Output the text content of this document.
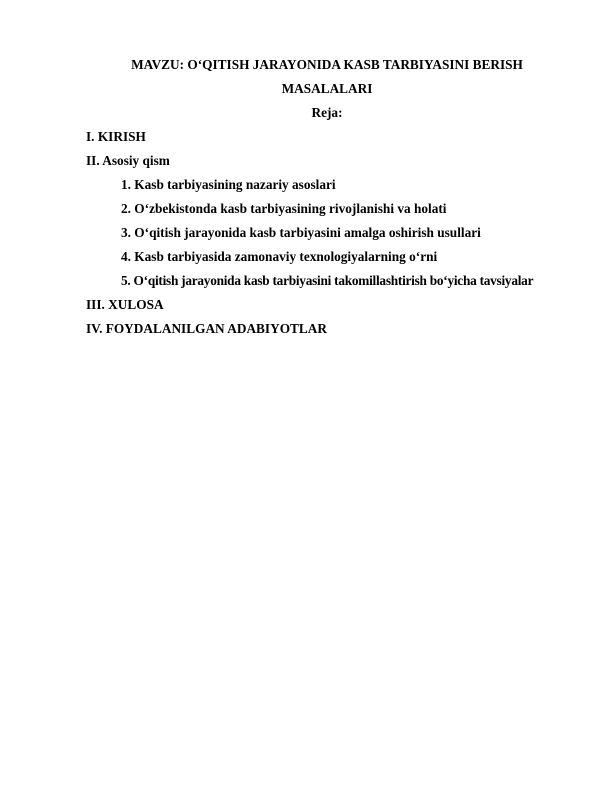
MAVZU: O‘QITISH JARAYONIDA KASB TARBIYASINI BERISH
MASALALARI
Reja:
I. KIRISH
II. Asosiy qism
1. Kasb tarbiyasining nazariy asoslari
2. O‘zbekistonda kasb tarbiyasining rivojlanishi va holati
3. O‘qitish jarayonida kasb tarbiyasini amalga oshirish usullari
4. Kasb tarbiyasida zamonaviy texnologiyalarning o‘rni
5. O‘qitish jarayonida kasb tarbiyasini takomillashtirish bo‘yicha tavsiyalar
III. XULOSA
IV. FOYDALANILGAN ADABIYOTLAR
